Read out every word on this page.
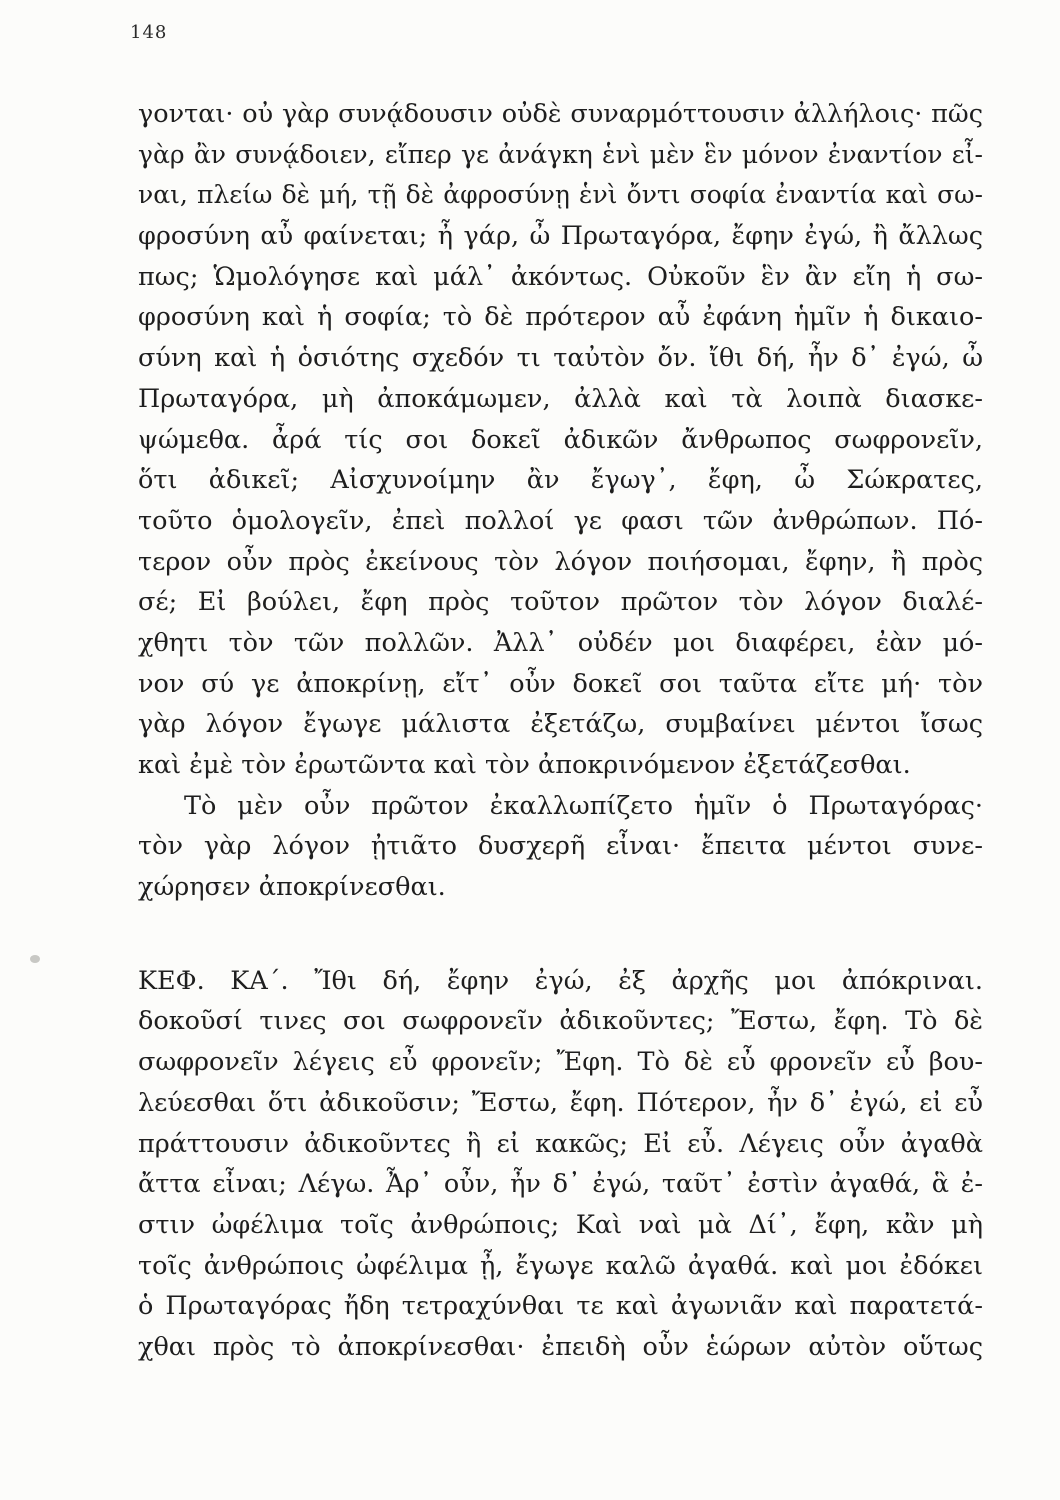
148
γονται· οὐ γὰρ συνᾴδουσιν οὐδὲ συναρμόττουσιν ἀλλήλοις· πῶς
γὰρ ἂν συνᾴδοιεν, εἴπερ γε ἀνάγκη ἑνὶ μὲν ἓν μόνον ἐναντίον εἶ-
ναι, πλείω δὲ μή, τῇ δὲ ἀφροσύνῃ ἑνὶ ὄντι σοφία ἐναντία καὶ σω-
φροσύνη αὖ φαίνεται; ἦ γάρ, ὦ Πρωταγόρα, ἔφην ἐγώ, ἢ ἄλλως
πως; Ὡμολόγησε καὶ μάλ᾽ ἀκόντως. Οὐκοῦν ἓν ἂν εἴη ἡ σω-
φροσύνη καὶ ἡ σοφία; τὸ δὲ πρότερον αὖ ἐφάνη ἡμῖν ἡ δικαιο-
σύνη καὶ ἡ ὁσιότης σχεδόν τι ταὐτὸν ὄν. ἴθι δή, ἦν δ᾽ ἐγώ, ὦ
Πρωταγόρα, μὴ ἀποκάμωμεν, ἀλλὰ καὶ τὰ λοιπὰ διασκε-
ψώμεθα. ἆρά τίς σοι δοκεῖ ἀδικῶν ἄνθρωπος σωφρονεῖν,
ὅτι ἀδικεῖ; Αἰσχυνοίμην ἂν ἔγωγ᾽, ἔφη, ὦ Σώκρατες,
τοῦτο ὁμολογεῖν, ἐπεὶ πολλοί γε φασι τῶν ἀνθρώπων. Πό-
τερον οὖν πρὸς ἐκείνους τὸν λόγον ποιήσομαι, ἔφην, ἢ πρὸς
σέ; Εἰ βούλει, ἔφη πρὸς τοῦτον πρῶτον τὸν λόγον διαλέ-
χθητι τὸν τῶν πολλῶν. Ἀλλ᾽ οὐδέν μοι διαφέρει, ἐὰν μό-
νον σύ γε ἀποκρίνῃ, εἴτ᾽ οὖν δοκεῖ σοι ταῦτα εἴτε μή· τὸν
γὰρ λόγον ἔγωγε μάλιστα ἐξετάζω, συμβαίνει μέντοι ἴσως
καὶ ἐμὲ τὸν ἐρωτῶντα καὶ τὸν ἀποκρινόμενον ἐξετάζεσθαι.
Τὸ μὲν οὖν πρῶτον ἐκαλλωπίζετο ἡμῖν ὁ Πρωταγόρας·
τὸν γὰρ λόγον ᾐτιᾶτο δυσχερῆ εἶναι· ἔπειτα μέντοι συνε-
χώρησεν ἀποκρίνεσθαι.
ΚΕΦ. ΚΑ΄. Ἴθι δή, ἔφην ἐγώ, ἐξ ἀρχῆς μοι ἀπόκριναι.
δοκοῦσί τινες σοι σωφρονεῖν ἀδικοῦντες; Ἔστω, ἔφη. Τὸ δὲ
σωφρονεῖν λέγεις εὖ φρονεῖν; Ἔφη. Τὸ δὲ εὖ φρονεῖν εὖ βου-
λεύεσθαι ὅτι ἀδικοῦσιν; Ἔστω, ἔφη. Πότερον, ἦν δ᾽ ἐγώ, εἰ εὖ
πράττουσιν ἀδικοῦντες ἢ εἰ κακῶς; Εἰ εὖ. Λέγεις οὖν ἀγαθὰ
ἄττα εἶναι; Λέγω. Ἆρ᾽ οὖν, ἦν δ᾽ ἐγώ, ταῦτ᾽ ἐστὶν ἀγαθά, ἃ ἐ-
στιν ὠφέλιμα τοῖς ἀνθρώποις; Καὶ ναὶ μὰ Δί᾽, ἔφη, κἂν μὴ
τοῖς ἀνθρώποις ὠφέλιμα ᾖ, ἔγωγε καλῶ ἀγαθά. καὶ μοι ἐδόκει
ὁ Πρωταγόρας ἤδη τετραχύνθαι τε καὶ ἀγωνιᾶν καὶ παρατετά-
χθαι πρὸς τὸ ἀποκρίνεσθαι· ἐπειδὴ οὖν ἑώρων αὐτὸν οὕτως
